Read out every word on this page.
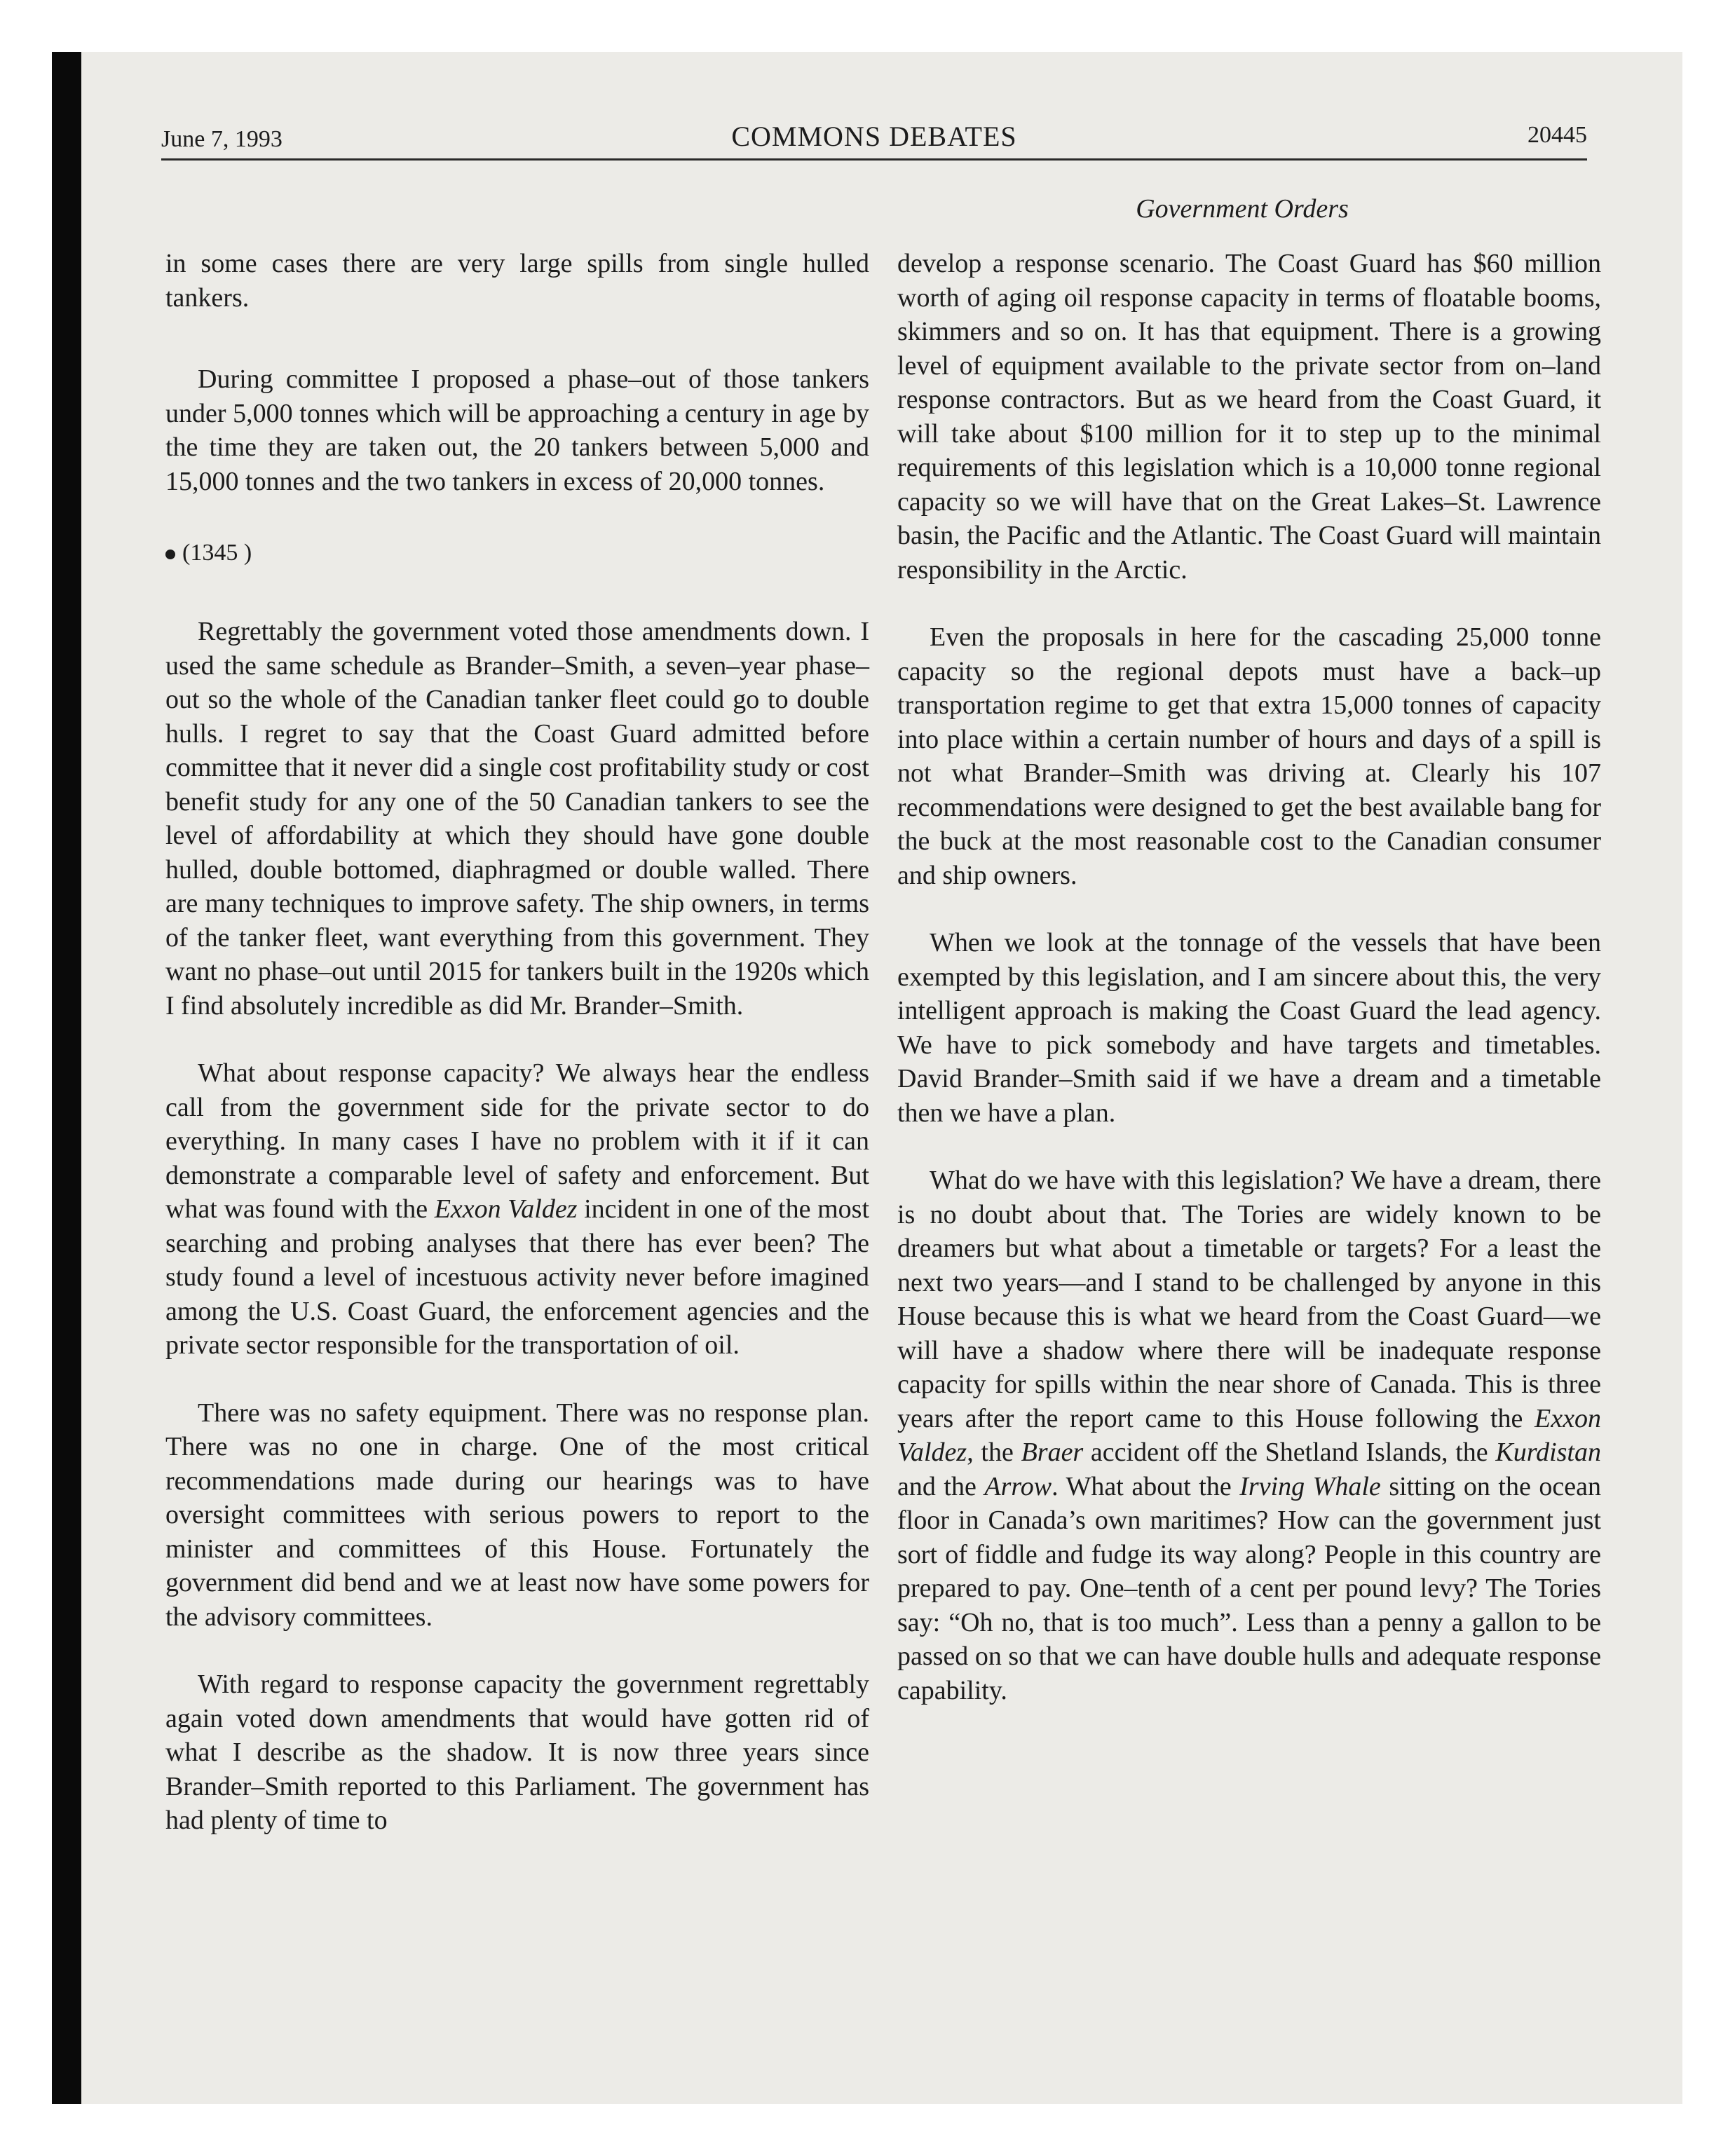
June 7, 1993	COMMONS DEBATES	20445
Government Orders

in some cases there are very large spills from single hulled tankers.

During committee I proposed a phase–out of those tankers under 5,000 tonnes which will be approaching a century in age by the time they are taken out, the 20 tankers between 5,000 and 15,000 tonnes and the two tankers in excess of 20,000 tonnes.

(1345 )

Regrettably the government voted those amendments down. I used the same schedule as Brander–Smith, a seven–year phase–out so the whole of the Canadian tanker fleet could go to double hulls. I regret to say that the Coast Guard admitted before committee that it never did a single cost profitability study or cost benefit study for any one of the 50 Canadian tankers to see the level of affordability at which they should have gone double hulled, double bottomed, diaphragmed or double walled. There are many techniques to improve safety. The ship owners, in terms of the tanker fleet, want everything from this government. They want no phase–out until 2015 for tankers built in the 1920s which I find absolutely incredible as did Mr. Brander–Smith.

What about response capacity? We always hear the endless call from the government side for the private sector to do everything. In many cases I have no problem with it if it can demonstrate a comparable level of safety and enforcement. But what was found with the Exxon Valdez incident in one of the most searching and probing analyses that there has ever been? The study found a level of incestuous activity never before imagined among the U.S. Coast Guard, the enforcement agencies and the private sector responsible for the transportation of oil.

There was no safety equipment. There was no response plan. There was no one in charge. One of the most critical recommendations made during our hearings was to have oversight committees with serious powers to report to the minister and committees of this House. Fortunately the government did bend and we at least now have some powers for the advisory committees.

With regard to response capacity the government regrettably again voted down amendments that would have gotten rid of what I describe as the shadow. It is now three years since Brander–Smith reported to this Parliament. The government has had plenty of time to

develop a response scenario. The Coast Guard has $60 million worth of aging oil response capacity in terms of floatable booms, skimmers and so on. It has that equipment. There is a growing level of equipment available to the private sector from on–land response contractors. But as we heard from the Coast Guard, it will take about $100 million for it to step up to the minimal requirements of this legislation which is a 10,000 tonne regional capacity so we will have that on the Great Lakes–St. Lawrence basin, the Pacific and the Atlantic. The Coast Guard will maintain responsibility in the Arctic.

Even the proposals in here for the cascading 25,000 tonne capacity so the regional depots must have a back–up transportation regime to get that extra 15,000 tonnes of capacity into place within a certain number of hours and days of a spill is not what Brander–Smith was driving at. Clearly his 107 recommendations were designed to get the best available bang for the buck at the most reasonable cost to the Canadian consumer and ship owners.

When we look at the tonnage of the vessels that have been exempted by this legislation, and I am sincere about this, the very intelligent approach is making the Coast Guard the lead agency. We have to pick somebody and have targets and timetables. David Brander–Smith said if we have a dream and a timetable then we have a plan.

What do we have with this legislation? We have a dream, there is no doubt about that. The Tories are widely known to be dreamers but what about a timetable or targets? For a least the next two years—and I stand to be challenged by anyone in this House because this is what we heard from the Coast Guard—we will have a shadow where there will be inadequate response capacity for spills within the near shore of Canada. This is three years after the report came to this House following the Exxon Valdez, the Braer accident off the Shetland Islands, the Kurdistan and the Arrow. What about the Irving Whale sitting on the ocean floor in Canada’s own maritimes? How can the government just sort of fiddle and fudge its way along? People in this country are prepared to pay. One–tenth of a cent per pound levy? The Tories say: “Oh no, that is too much”. Less than a penny a gallon to be passed on so that we can have double hulls and adequate response capability.
